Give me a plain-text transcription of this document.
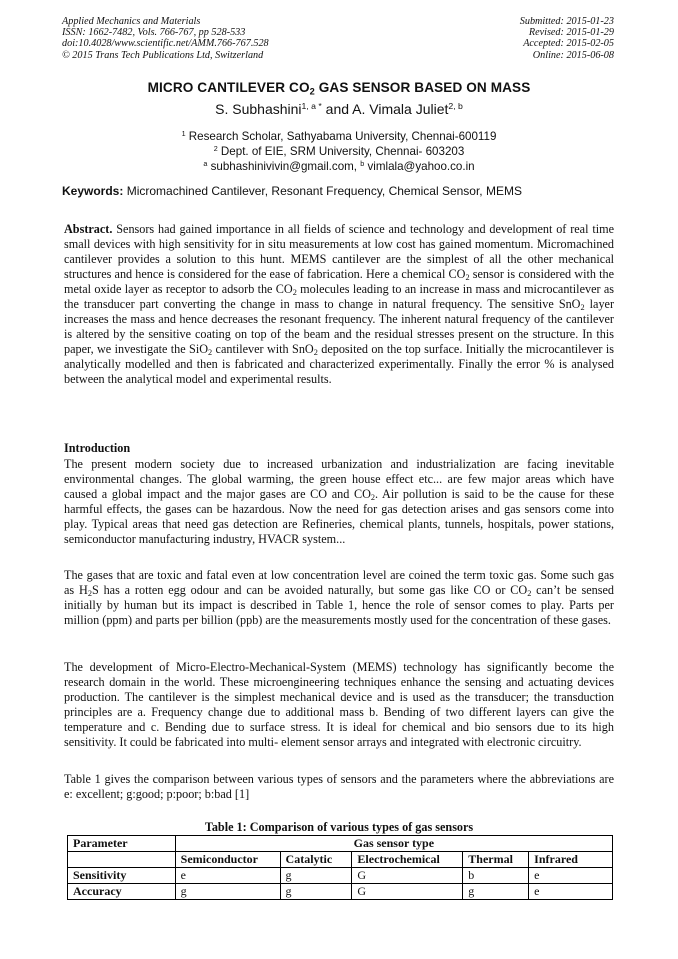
Applied Mechanics and Materials
ISSN: 1662-7482, Vols. 766-767, pp 528-533
doi:10.4028/www.scientific.net/AMM.766-767.528
© 2015 Trans Tech Publications Ltd, Switzerland
Submitted: 2015-01-23
Revised: 2015-01-29
Accepted: 2015-02-05
Online: 2015-06-08
MICRO CANTILEVER $CO_2$ GAS SENSOR BASED ON MASS
S. Subhashini$^{1, a *}$ and A. Vimala Juliet$^{2, b}$
$^1$ Research Scholar, Sathyabama University, Chennai-600119
$^2$ Dept. of EIE, SRM University, Chennai- 603203
$^a$ subhashinivivin@gmail.com, $^b$ vimlala@yahoo.co.in
Keywords: Micromachined Cantilever, Resonant Frequency, Chemical Sensor, MEMS
Abstract. Sensors had gained importance in all fields of science and technology and development of real time small devices with high sensitivity for in situ measurements at low cost has gained momentum. Micromachined cantilever provides a solution to this hunt. MEMS cantilever are the simplest of all the other mechanical structures and hence is considered for the ease of fabrication. Here a chemical $CO_2$ sensor is considered with the metal oxide layer as receptor to adsorb the $CO_2$ molecules leading to an increase in mass and microcantilever as the transducer part converting the change in mass to change in natural frequency. The sensitive SnO$_2$ layer increases the mass and hence decreases the resonant frequency. The inherent natural frequency of the cantilever is altered by the sensitive coating on top of the beam and the residual stresses present on the structure. In this paper, we investigate the SiO$_2$ cantilever with SnO$_2$ deposited on the top surface. Initially the microcantilever is analytically modelled and then is fabricated and characterized experimentally. Finally the error % is analysed between the analytical model and experimental results.
Introduction
The present modern society due to increased urbanization and industrialization are facing inevitable environmental changes. The global warming, the green house effect etc... are few major areas which have caused a global impact and the major gases are CO and $CO_2$. Air pollution is said to be the cause for these harmful effects, the gases can be hazardous. Now the need for gas detection arises and gas sensors come into play. Typical areas that need gas detection are Refineries, chemical plants, tunnels, hospitals, power stations, semiconductor manufacturing industry, HVACR system...
The gases that are toxic and fatal even at low concentration level are coined the term toxic gas. Some such gas as $H_2S$ has a rotten egg odour and can be avoided naturally, but some gas like CO or $CO_2$ can’t be sensed initially by human but its impact is described in Table 1, hence the role of sensor comes to play. Parts per million (ppm) and parts per billion (ppb) are the measurements mostly used for the concentration of these gases.
The development of Micro-Electro-Mechanical-System (MEMS) technology has significantly become the research domain in the world. These microengineering techniques enhance the sensing and actuating devices production. The cantilever is the simplest mechanical device and is used as the transducer; the transduction principles are a. Frequency change due to additional mass b. Bending of two different layers can give the temperature and c. Bending due to surface stress. It is ideal for chemical and bio sensors due to its high sensitivity. It could be fabricated into multi- element sensor arrays and integrated with electronic circuitry.
Table 1 gives the comparison between various types of sensors and the parameters where the abbreviations are e: excellent; g:good; p:poor; b:bad [1]
Table 1: Comparison of various types of gas sensors
Parameter	Gas sensor type				
	Semiconductor	Catalytic	Electrochemical	Thermal	Infrared
Sensitivity	e	g	G	b	e
Accuracy	g	g	G	g	e
